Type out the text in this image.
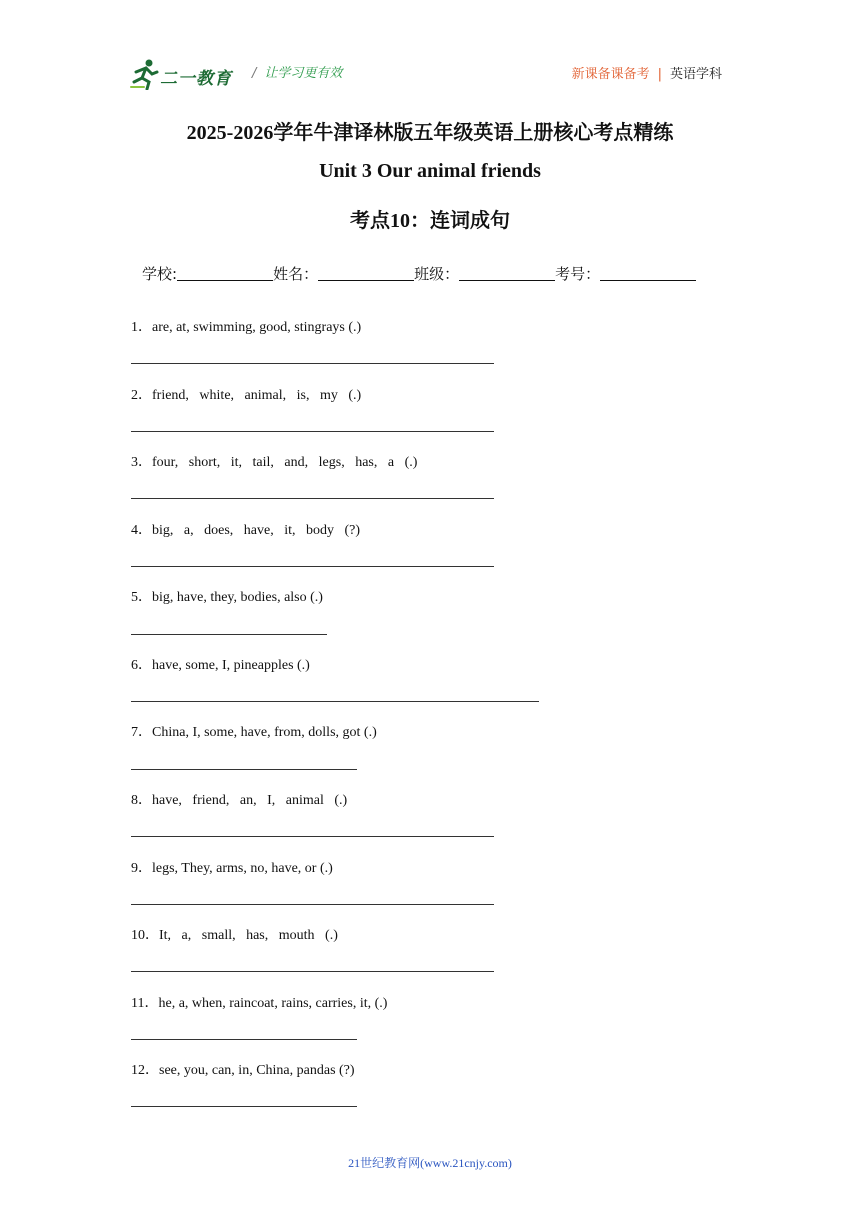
二一教育 / 让学习更有效	新课备课备考 | 英语学科
2025-2026学年牛津译林版五年级英语上册核心考点精练
Unit 3 Our animal friends
考点10：连词成句
学校:	姓名：	班级：	考号：
1．are, at, swimming, good, stingrays (.)
2．friend,   white,   animal,   is,   my   (.)
3．four,   short,   it,   tail,   and,   legs,   has,   a   (.)
4．big,   a,   does,   have,   it,   body   (?)
5．big, have, they, bodies, also (.)
6．have, some, I, pineapples (.)
7．China, I, some, have, from, dolls, got (.)
8．have,   friend,   an,   I,   animal   (.)
9．legs, They, arms, no, have, or (.)
10．It,   a,   small,   has,   mouth   (.)
11．he, a, when, raincoat, rains, carries, it, (.)
12．see, you, can, in, China, pandas (?)
21世纪教育网(www.21cnjy.com)
